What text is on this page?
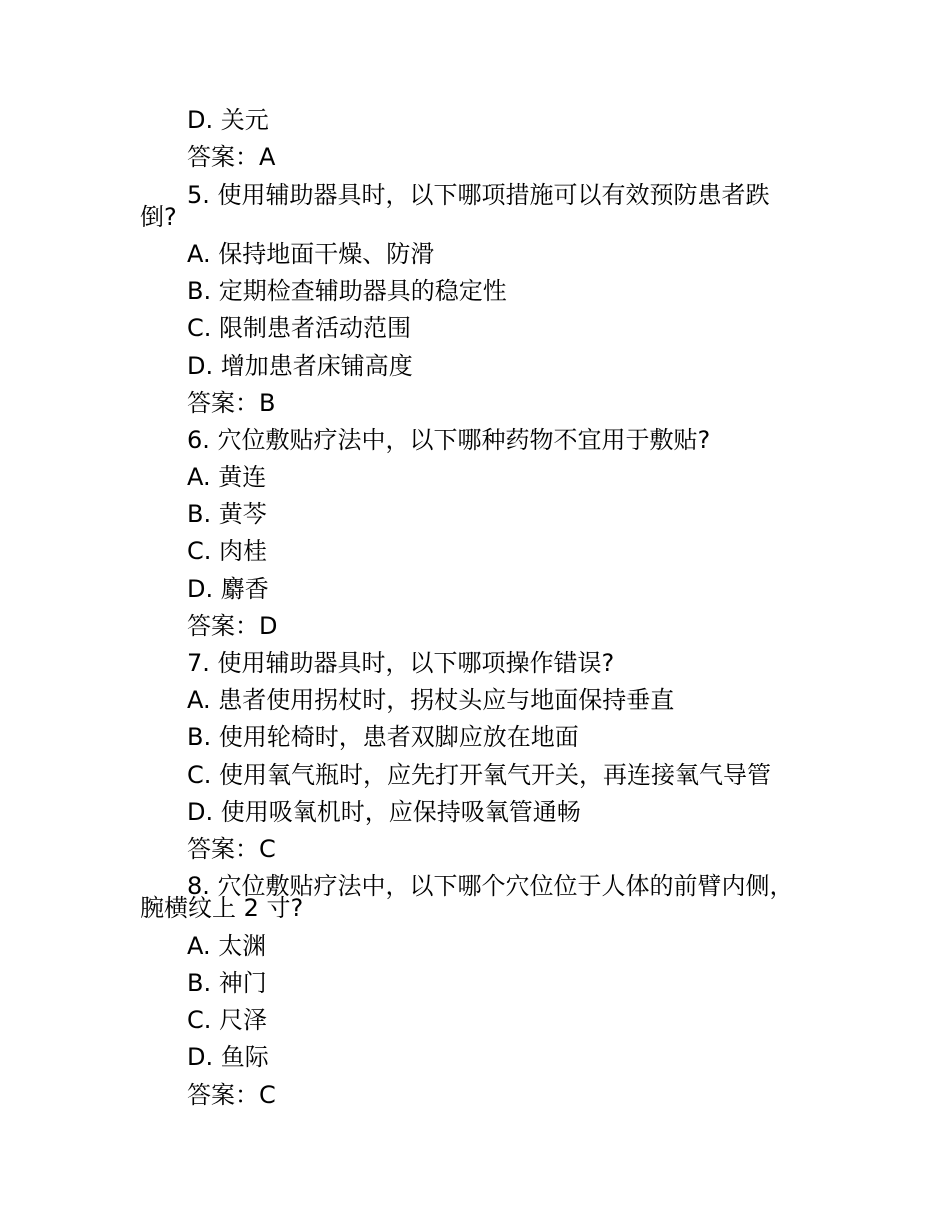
D. 关元
答案：A
5. 使用辅助器具时，以下哪项措施可以有效预防患者跌
倒?
A. 保持地面干燥、防滑
B. 定期检查辅助器具的稳定性
C. 限制患者活动范围
D. 增加患者床铺高度
答案：B
6. 穴位敷贴疗法中，以下哪种药物不宜用于敷贴?
A. 黄连
B. 黄芩
C. 肉桂
D. 麝香
答案：D
7. 使用辅助器具时，以下哪项操作错误?
A. 患者使用拐杖时，拐杖头应与地面保持垂直
B. 使用轮椅时，患者双脚应放在地面
C. 使用氧气瓶时，应先打开氧气开关，再连接氧气导管
D. 使用吸氧机时，应保持吸氧管通畅
答案：C
8. 穴位敷贴疗法中，以下哪个穴位位于人体的前臂内侧，
腕横纹上 2 寸?
A. 太渊
B. 神门
C. 尺泽
D. 鱼际
答案：C
